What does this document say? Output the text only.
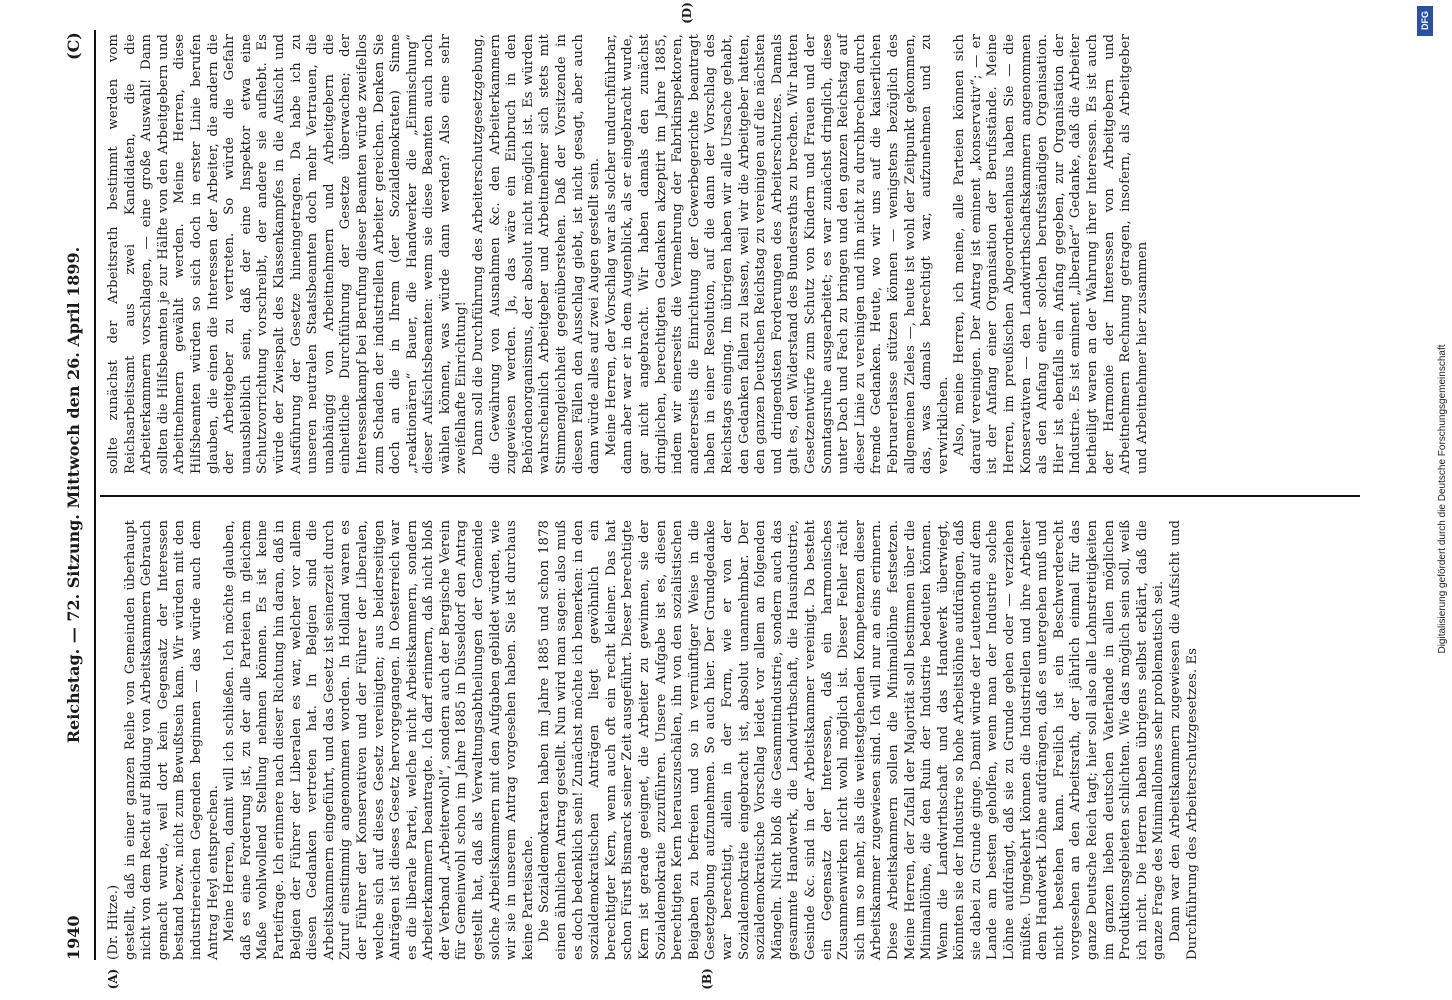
1940
Reichstag. — 72. Sitzung. Mittwoch den 26. April 1899.
(C)
(A)	(B)
(D)

(Dr. Hitze.) gestellt, daß in einer ganzen Reihe von Gemeinden überhaupt nicht von dem Recht auf Bildung von Arbeitskammern Gebrauch gemacht wurde, weil dort kein Gegensatz der Interessen bestand bezw. nicht zum Bewußtsein kam. Wir würden mit den industriereichen Gegenden beginnen — das würde auch dem Antrag Heyl entsprechen. Meine Herren, damit will ich schließen. Ich möchte glauben, daß es eine Forderung ist, zu der alle Parteien in gleichem Maße wohlwollend Stellung nehmen können. Es ist keine Parteifrage. Ich erinnere nach dieser Richtung hin daran, daß in Belgien der Führer der Liberalen es war, welcher vor allem diesen Gedanken vertreten hat. In Belgien sind die Arbeitskammern eingeführt, und das Gesetz ist seinerzeit durch Zuruf einstimmig angenommen worden. In Holland waren es der Führer der Konservativen und der Führer der Liberalen, welche sich auf dieses Gesetz vereinigten; aus beiderseitigen Anträgen ist dieses Gesetz hervorgegangen. In Oesterreich war es die liberale Partei, welche nicht Arbeitskammern, sondern Arbeiterkammern beantragte. Ich darf erinnern, daß nicht bloß der Verband „Arbeiterwohl“, sondern auch der Bergische Verein für Gemeinwohl schon im Jahre 1885 in Düsseldorf den Antrag gestellt hat, daß als Verwaltungsabtheilungen der Gemeinde solche Arbeitskammern mit den Aufgaben gebildet würden, wie wir sie in unserem Antrag vorgesehen haben. Sie ist durchaus keine Parteisache. Die Sozialdemokraten haben im Jahre 1885 und schon 1878 einen ähnlichen Antrag gestellt. Nun wird man sagen: also muß es doch bedenklich sein! Zunächst möchte ich bemerken: in den sozialdemokratischen Anträgen liegt gewöhnlich ein berechtigter Kern, wenn auch oft ein recht kleiner. Das hat schon Fürst Bismarck seiner Zeit ausgeführt. Dieser berechtigte Kern ist gerade geeignet, die Arbeiter zu gewinnen, sie der Sozialdemokratie zuzuführen. Unsere Aufgabe ist es, diesen berechtigten Kern herauszuschälen, ihn von den sozialistischen Beigaben zu befreien und so in vernünftiger Weise in die Gesetzgebung aufzunehmen. So auch hier. Der Grundgedanke war berechtigt, allein in der Form, wie er von der Sozialdemokratie eingebracht ist, absolut unannehmbar. Der sozialdemokratische Vorschlag leidet vor allem an folgenden Mängeln. Nicht bloß die Gesammtindustrie, sondern auch das gesammte Handwerk, die Landwirthschaft, die Hausindustrie, Gesinde &c. sind in der Arbeitskammer vereinigt. Da besteht ein Gegensatz der Interessen, daß ein harmonisches Zusammenwirken nicht wohl möglich ist. Dieser Fehler rächt sich um so mehr, als die weitestgehenden Kompetenzen dieser Arbeitskammer zugewiesen sind. Ich will nur an eins erinnern. Diese Arbeitskammern sollen die Minimallöhne festsetzen. Meine Herren, der Zufall der Majorität soll bestimmen über die Minimallöhne, die den Ruin der Industrie bedeuten können. Wenn die Landwirthschaft und das Handwerk überwiegt, könnten sie der Industrie so hohe Arbeitslöhne aufdrängen, daß sie dabei zu Grunde ginge. Damit würde der Leutenoth auf dem Lande am besten geholfen, wenn man der Industrie solche Löhne aufdrängt, daß sie zu Grunde gehen oder — verziehen müßte. Umgekehrt können die Industriellen und ihre Arbeiter dem Handwerk Löhne aufdrängen, daß es untergehen muß und nicht bestehen kann. Freilich ist ein Beschwerderecht vorgesehen an den Arbeitsrath, der jährlich einmal für das ganze Deutsche Reich tagt; hier soll also alle Lohnstreitigkeiten im ganzen lieben deutschen Vaterlande in allen möglichen Produktionsgebieten schlichten. Wie das möglich sein soll, weiß ich nicht. Die Herren haben übrigens selbst erklärt, daß die ganze Frage des Minimallohnes sehr problematisch sei. Dann war den Arbeitskammern zugewiesen die Aufsicht und Durchführung des Arbeiterschutzgesetzes. Es

sollte zunächst der Arbeitsrath bestimmt werden vom Reichsarbeitsamt aus zwei Kandidaten, die die Arbeiterkammern vorschlagen, — eine große Auswahl! Dann sollten die Hilfsbeamten je zur Hälfte von den Arbeitgebern und Arbeitnehmern gewählt werden. Meine Herren, diese Hilfsbeamten würden so sich doch in erster Linie berufen glauben, die einen die Interessen der Arbeiter, die andern die der Arbeitgeber zu vertreten. So würde die Gefahr unausbleiblich sein, daß der eine Inspektor etwa eine Schutzvorrichtung vorschreibt, der andere sie aufhebt. Es würde der Zwiespalt des Klassenkampfes in die Aufsicht und Ausführung der Gesetze hineingetragen. Da habe ich zu unseren neutralen Staatsbeamten doch mehr Vertrauen, die unabhängig von Arbeitnehmern und Arbeitgebern die einheitliche Durchführung der Gesetze überwachen; der Interessenkampf bei Berufung dieser Beamten würde zweifellos zum Schaden der industriellen Arbeiter gereichen. Denken Sie doch an die in Ihrem (der Sozialdemokraten) Sinne „reaktionären“ Bauer, die Handwerker die „Einmischung“ dieser Aufsichtsbeamten: wenn sie diese Beamten auch noch wählen können, was würde dann werden? Also eine sehr zweifelhafte Einrichtung! Dann soll die Durchführung des Arbeiterschutzgesetzgebung, die Gewährung von Ausnahmen &c. den Arbeiterkammern zugewiesen werden. Ja, das wäre ein Einbruch in den Behördenorganismus, der absolut nicht möglich ist. Es würden wahrscheinlich Arbeitgeber und Arbeitnehmer sich stets mit Stimmengleichheit gegenüberstehen. Daß der Vorsitzende in diesen Fällen den Ausschlag giebt, ist nicht gesagt, aber auch dann würde alles auf zwei Augen gestellt sein. Meine Herren, der Vorschlag war als solcher undurchführbar, dann aber war er in dem Augenblick, als er eingebracht wurde, gar nicht angebracht. Wir haben damals den zunächst dringlichen, berechtigten Gedanken akzeptirt im Jahre 1885, indem wir einerseits die Vermehrung der Fabrikinspektoren, andererseits die Einrichtung der Gewerbegerichte beantragt haben in einer Resolution, auf die dann der Vorschlag des Reichstags einging. Im übrigen haben wir alle Ursache gehabt, den Gedanken fallen zu lassen, weil wir die Arbeitgeber hatten, den ganzen Deutschen Reichstag zu vereinigen auf die nächsten und dringendsten Forderungen des Arbeiterschutzes. Damals galt es, den Widerstand des Bundesraths zu brechen. Wir hatten Gesetzentwürfe zum Schutz von Kindern und Frauen und der Sonntagsruhe ausgearbeitet; es war zunächst dringlich, diese unter Dach und Fach zu bringen und den ganzen Reichstag auf dieser Linie zu vereinigen und ihn nicht zu durchbrechen durch fremde Gedanken. Heute, wo wir uns auf die kaiserlichen Februarerlasse stützen können — wenigstens bezüglich des allgemeinen Zieles —, heute ist wohl der Zeitpunkt gekommen, das, was damals berechtigt war, aufzunehmen und zu verwirklichen. Also, meine Herren, ich meine, alle Parteien können sich darauf vereinigen. Der Antrag ist eminent „konservativ“; — er ist der Anfang einer Organisation der Berufsstände. Meine Herren, im preußischen Abgeordnetenhaus haben Sie — die Konservativen — den Landwirthschaftskammern angenommen als den Anfang einer solchen berufsständigen Organisation. Hier ist ebenfalls ein Anfang gegeben, zur Organisation der Industrie. Es ist eminent „liberaler“ Gedanke, daß die Arbeiter betheiligt waren an der Wahrung ihrer Interessen. Es ist auch der Harmonie der Interessen von Arbeitgebern und Arbeitnehmern Rechnung getragen, insofern, als Arbeitgeber und Arbeitnehmer hier zusammen

DFG
Digitalisierung gefördert durch die Deutsche Forschungsgemeinschaft
